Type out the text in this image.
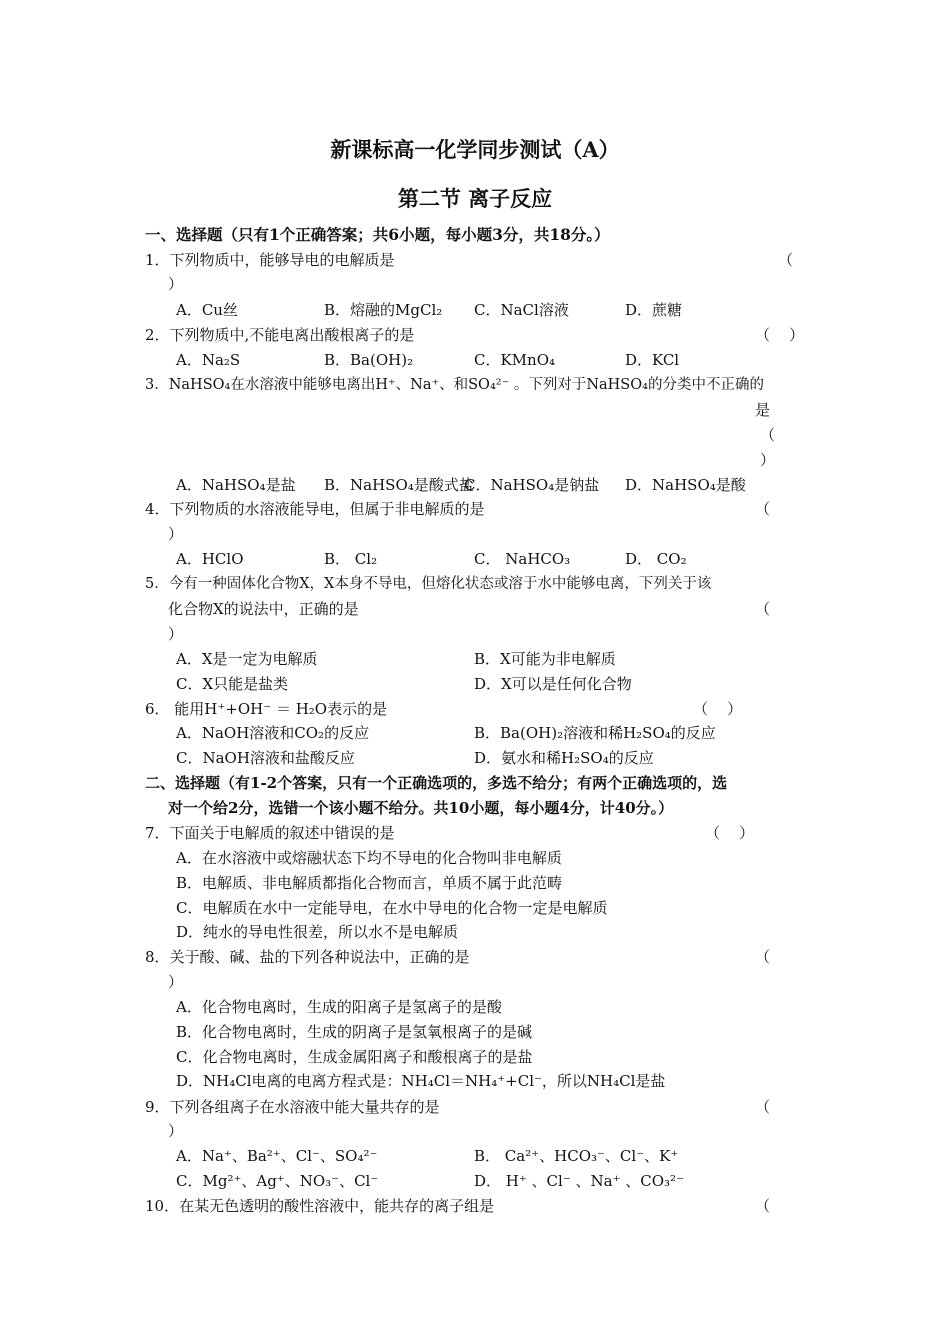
新课标高一化学同步测试（A）
第二节 离子反应
一、选择题（只有1个正确答案；共6小题，每小题3分，共18分。）
1．下列物质中，能够导电的电解质是	（
）
A．Cu丝	B．熔融的MgCl₂ C．NaCl溶液	D．蔗糖
2．下列物质中,不能电离出酸根离子的是	（    ）
A．Na₂S	B．Ba(OH)₂	C．KMnO₄	D．KCl
3．NaHSO₄在水溶液中能够电离出H⁺、Na⁺、和SO₄²⁻ 。下列对于NaHSO₄的分类中不正确的
是
（
）
A．NaHSO₄是盐 B．NaHSO₄是酸式盐
C．NaHSO₄是钠盐 D．NaHSO₄是酸
4．下列物质的水溶液能导电，但属于非电解质的是	（
）
A．HClO	B． Cl₂	C． NaHCO₃	D． CO₂
5．今有一种固体化合物X，X本身不导电，但熔化状态或溶于水中能够电离，下列关于该
化合物X的说法中，正确的是	（
）
A．X是一定为电解质	B．X可能为非电解质
C．X只能是盐类	D．X可以是任何化合物
6． 能用H⁺+OH⁻ ＝ H₂O表示的是	（    ）
A．NaOH溶液和CO₂的反应	B．Ba(OH)₂溶液和稀H₂SO₄的反应
C．NaOH溶液和盐酸反应	D．氨水和稀H₂SO₄的反应
二、选择题（有1-2个答案，只有一个正确选项的，多选不给分；有两个正确选项的，选
对一个给2分，选错一个该小题不给分。共10小题，每小题4分，计40分。）
7．下面关于电解质的叙述中错误的是	（    ）
A．在水溶液中或熔融状态下均不导电的化合物叫非电解质
B．电解质、非电解质都指化合物而言，单质不属于此范畴
C．电解质在水中一定能导电，在水中导电的化合物一定是电解质
D．纯水的导电性很差，所以水不是电解质
8．关于酸、碱、盐的下列各种说法中，正确的是	（
）
A．化合物电离时，生成的阳离子是氢离子的是酸
B．化合物电离时，生成的阴离子是氢氧根离子的是碱
C．化合物电离时，生成金属阳离子和酸根离子的是盐
D．NH₄Cl电离的电离方程式是：NH₄Cl＝NH₄⁺+Cl⁻，所以NH₄Cl是盐
9．下列各组离子在水溶液中能大量共存的是	（
）
A．Na⁺、Ba²⁺、Cl⁻、SO₄²⁻	B． Ca²⁺、HCO₃⁻、Cl⁻、K⁺
C．Mg²⁺、Ag⁺、NO₃⁻、Cl⁻	D． H⁺ 、Cl⁻ 、Na⁺ 、CO₃²⁻
10．在某无色透明的酸性溶液中，能共存的离子组是	（
